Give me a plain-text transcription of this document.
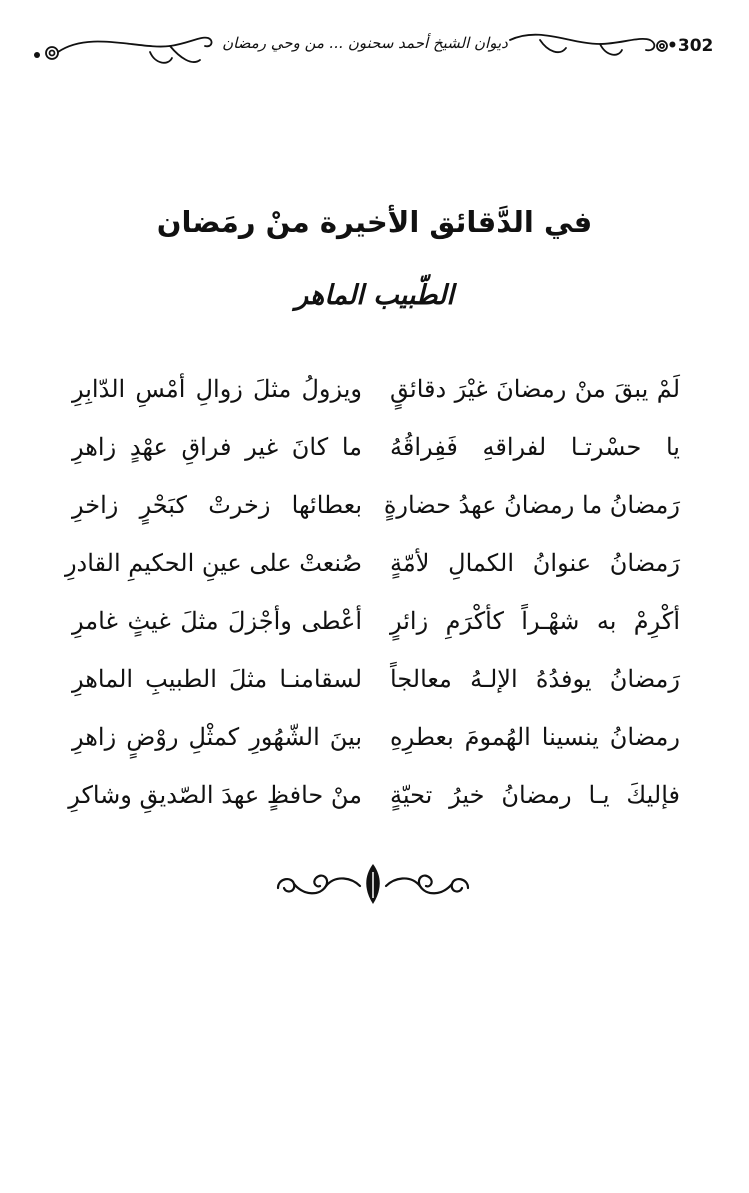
•302
ديوان الشيخ أحمد سحنون ... من وحي رمضان
في الدَّقائق الأخيرة منْ رمَضان
الطّبيب الماهر
لَمْ يبقَ منْ رمضانَ غيْرَ دقائقٍ
ويزولُ مثلَ زوالِ أمْسِ الدّابِرِ
يا حسْرتـا لفراقهِ فَفِراقُهُ
ما كانَ غير فراقِ عهْدٍ زاهرِ
رَمضانُ ما رمضانُ عهدُ حضارةٍ
بعطائها زخرتْ كبَحْرٍ زاخرِ
رَمضانُ عنوانُ الكمالِ لأمّةٍ
صُنعتْ على عينِ الحكيمِ القادرِ
أكْرِمْ به شهْـراً كأكْرَمِ زائرٍ
أعْطى وأجْزلَ مثلَ غيثٍ غامرِ
رَمضانُ يوفدُهُ الإلـهُ معالجاً
لسقامنـا مثلَ الطبيبِ الماهرِ
رمضانُ ينسينا الهُمومَ بعطرِهِ
بينَ الشّهُورِ كمثْلِ روْضٍ زاهرِ
فإليكَ يـا رمضانُ خيرُ تحيّةٍ
منْ حافظٍ عهدَ الصّديقِ وشاكرِ
